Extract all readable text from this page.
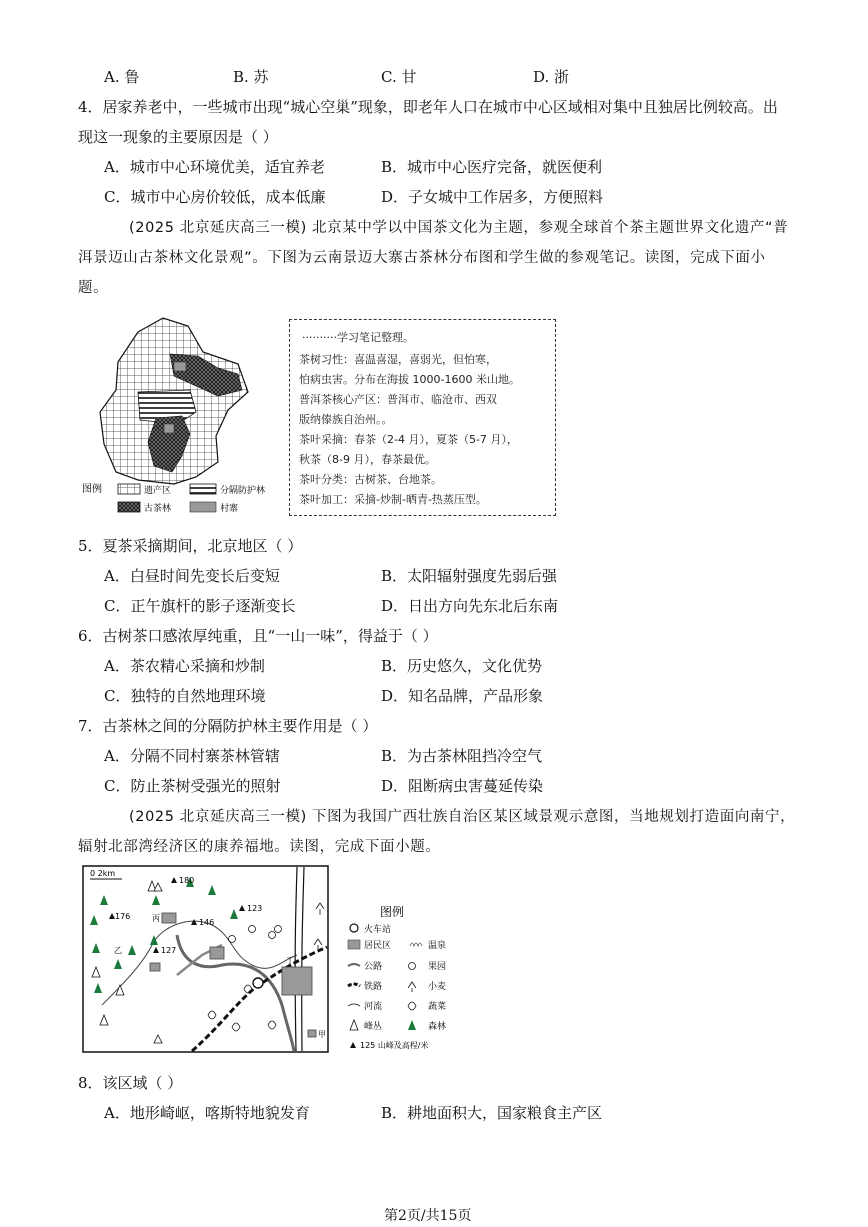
A. 鲁	B. 苏	C. 甘	D. 浙
4．居家养老中，一些城市出现“城心空巢”现象，即老年人口在城市中心区域相对集中且独居比例较高。出
现这一现象的主要原因是（ ）
A．城市中心环境优美，适宜养老	B．城市中心医疗完备，就医便利
C．城市中心房价较低，成本低廉	D．子女城中工作居多，方便照料
(2025 北京延庆高三一模) 北京某中学以中国茶文化为主题，参观全球首个茶主题世界文化遗产“普
洱景迈山古茶林文化景观”。下图为云南景迈大寨古茶林分布图和学生做的参观笔记。读图，完成下面小
题。
图例	遗产区	分隔防护林
古茶林	村寨
··········学习笔记整理。
茶树习性：喜温喜湿，喜弱光，但怕寒，
怕病虫害。分布在海拔 1000-1600 米山地。
普洱茶核心产区：普洱市、临沧市、西双
版纳傣族自治州。。
茶叶采摘：春茶（2-4 月），夏茶（5-7 月），
秋茶（8-9 月），春茶最优。
茶叶分类：古树茶、台地茶。
茶叶加工：采摘-炒制-晒青-热蒸压型。
5．夏茶采摘期间，北京地区（ ）
A．白昼时间先变长后变短	B．太阳辐射强度先弱后强
C．正午旗杆的影子逐渐变长	D．日出方向先东北后东南
6．古树茶口感浓厚纯重，且“一山一味”，得益于（ ）
A．茶农精心采摘和炒制	B．历史悠久，文化优势
C．独特的自然地理环境	D．知名品牌，产品形象
7．古茶林之间的分隔防护林主要作用是（ ）
A．分隔不同村寨茶林管辖	B．为古茶林阻挡冷空气
C．防止茶树受强光的照射	D．阻断病虫害蔓延传染
(2025 北京延庆高三一模) 下图为我国广西壮族自治区某区域景观示意图，当地规划打造面向南宁，
辐射北部湾经济区的康养福地。读图，完成下面小题。
0 2km
180
176
146
123
127
丙
乙
丁
甲
图例
火车站
居民区	温泉
公路	果园
铁路	小麦
河流	蔬菜
峰丛	森林
125 山峰及高程/米
8．该区域（ ）
A．地形崎岖，喀斯特地貌发育	B．耕地面积大，国家粮食主产区
第2页/共15页
